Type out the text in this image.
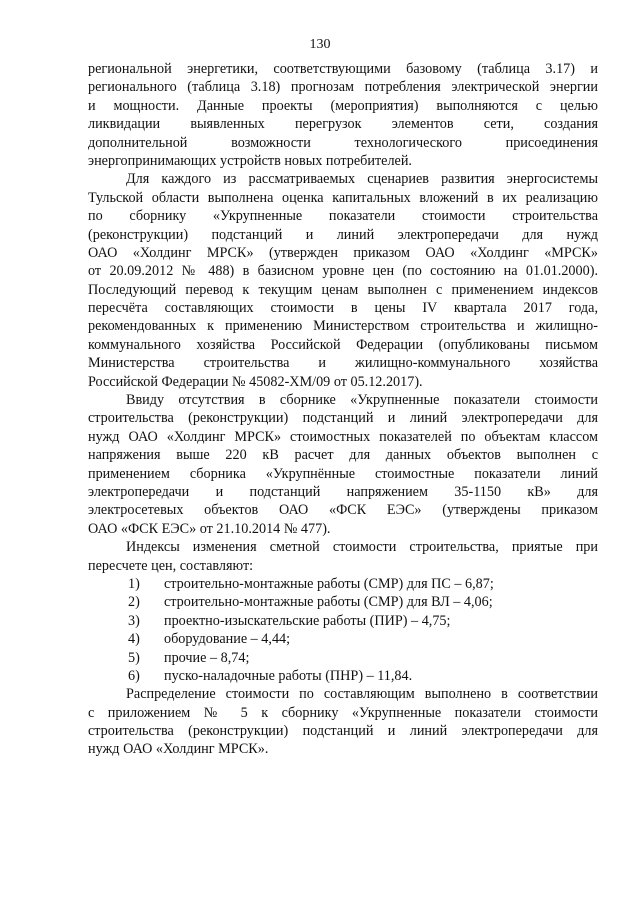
130
региональной энергетики, соответствующими базовому (таблица 3.17) и
регионального (таблица 3.18) прогнозам потребления электрической энергии
и мощности. Данные проекты (мероприятия) выполняются с целью
ликвидации выявленных перегрузок элементов сети, создания
дополнительной возможности технологического присоединения
энергопринимающих устройств новых потребителей.
Для каждого из рассматриваемых сценариев развития энергосистемы
Тульской области выполнена оценка капитальных вложений в их реализацию
по сборнику «Укрупненные показатели стоимости строительства
(реконструкции) подстанций и линий электропередачи для нужд
ОАО «Холдинг МРСК» (утвержден приказом ОАО «Холдинг «МРСК»
от 20.09.2012 № 488) в базисном уровне цен (по состоянию на 01.01.2000).
Последующий перевод к текущим ценам выполнен с применением индексов
пересчёта составляющих стоимости в цены IV квартала 2017 года,
рекомендованных к применению Министерством строительства и жилищно-
коммунального хозяйства Российской Федерации (опубликованы письмом
Министерства строительства и жилищно-коммунального хозяйства
Российской Федерации № 45082-ХМ/09 от 05.12.2017).
Ввиду отсутствия в сборнике «Укрупненные показатели стоимости
строительства (реконструкции) подстанций и линий электропередачи для
нужд ОАО «Холдинг МРСК» стоимостных показателей по объектам классом
напряжения выше 220 кВ расчет для данных объектов выполнен с
применением сборника «Укрупнённые стоимостные показатели линий
электропередачи и подстанций напряжением 35-1150 кВ» для
электросетевых объектов ОАО «ФСК ЕЭС» (утверждены приказом
ОАО «ФСК ЕЭС» от 21.10.2014 № 477).
Индексы изменения сметной стоимости строительства, приятые при
пересчете цен, составляют:
1) строительно-монтажные работы (СМР) для ПС – 6,87;
2) строительно-монтажные работы (СМР) для ВЛ – 4,06;
3) проектно-изыскательские работы (ПИР) – 4,75;
4) оборудование – 4,44;
5) прочие – 8,74;
6) пуско-наладочные работы (ПНР) – 11,84.
Распределение стоимости по составляющим выполнено в соответствии
с приложением № 5 к сборнику «Укрупненные показатели стоимости
строительства (реконструкции) подстанций и линий электропередачи для
нужд ОАО «Холдинг МРСК».
